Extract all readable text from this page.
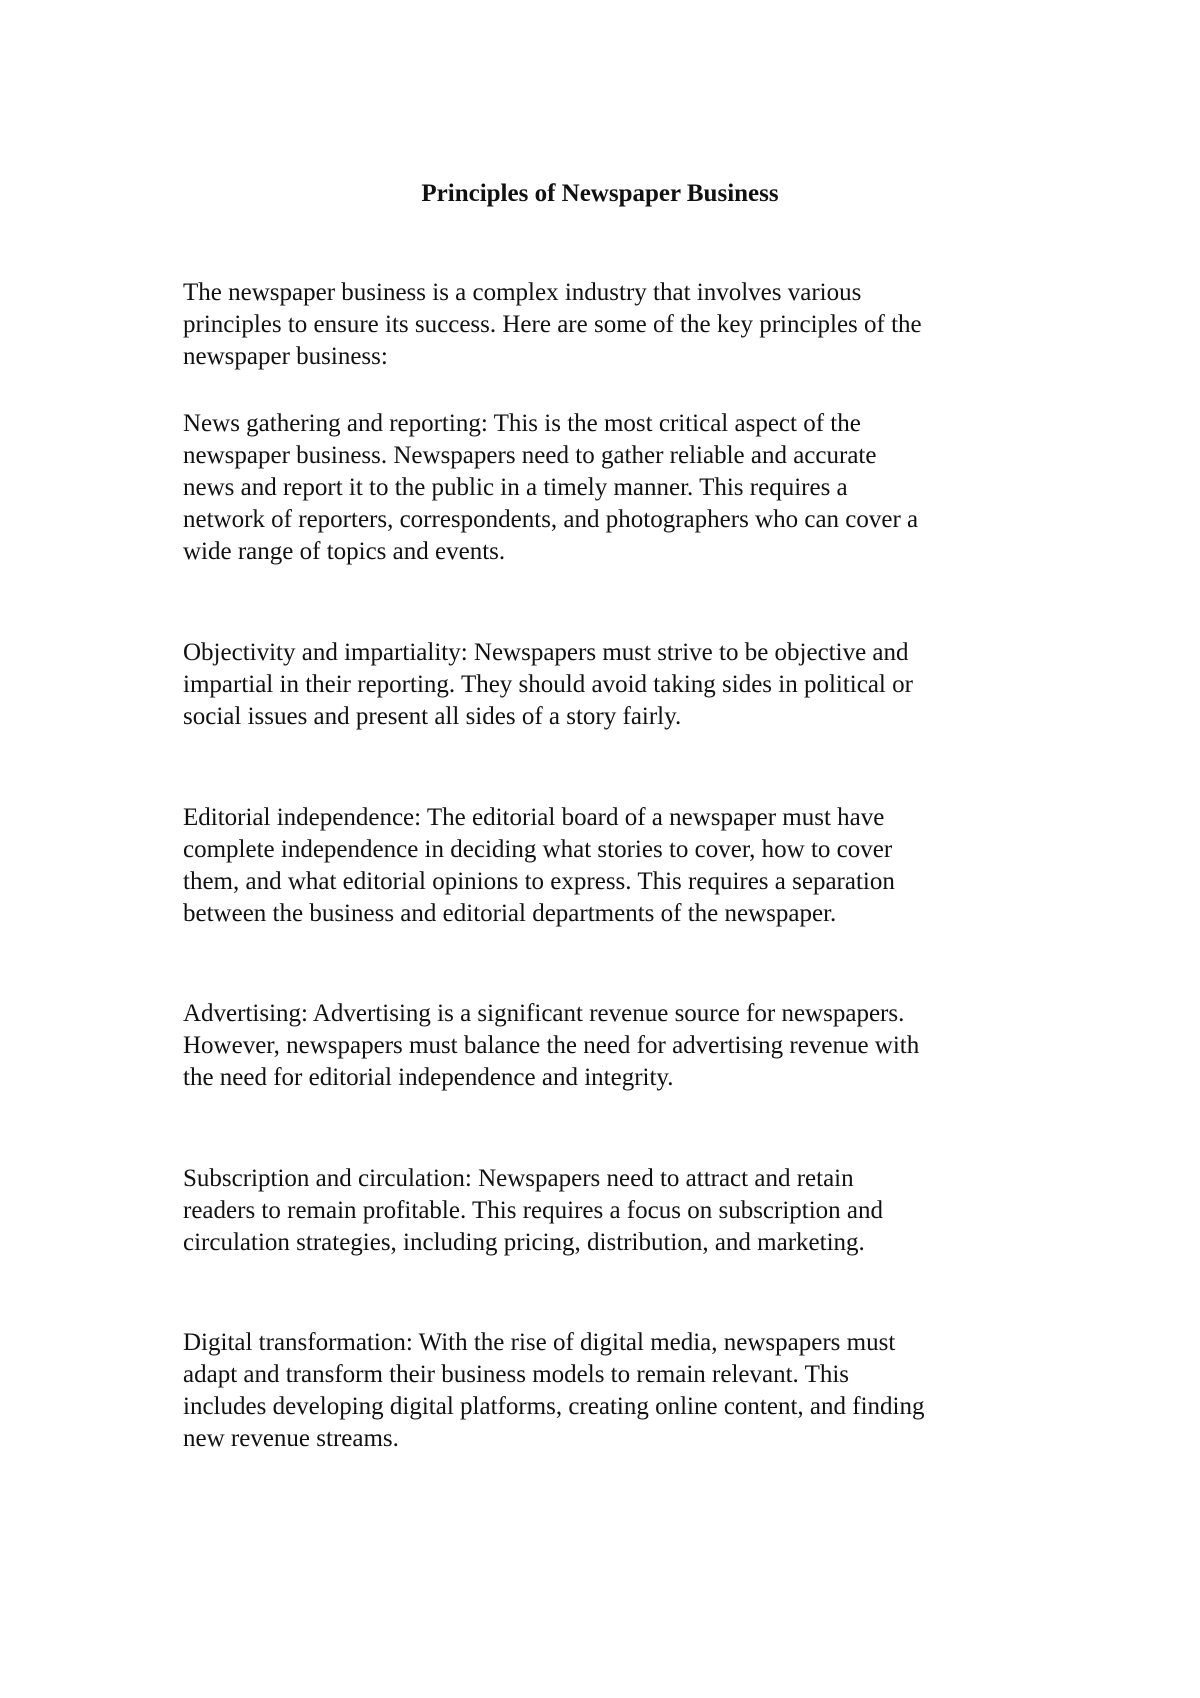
Principles of Newspaper Business

The newspaper business is a complex industry that involves various
principles to ensure its success. Here are some of the key principles of the
newspaper business:

News gathering and reporting: This is the most critical aspect of the
newspaper business. Newspapers need to gather reliable and accurate
news and report it to the public in a timely manner. This requires a
network of reporters, correspondents, and photographers who can cover a
wide range of topics and events.

Objectivity and impartiality: Newspapers must strive to be objective and
impartial in their reporting. They should avoid taking sides in political or
social issues and present all sides of a story fairly.

Editorial independence: The editorial board of a newspaper must have
complete independence in deciding what stories to cover, how to cover
them, and what editorial opinions to express. This requires a separation
between the business and editorial departments of the newspaper.

Advertising: Advertising is a significant revenue source for newspapers.
However, newspapers must balance the need for advertising revenue with
the need for editorial independence and integrity.

Subscription and circulation: Newspapers need to attract and retain
readers to remain profitable. This requires a focus on subscription and
circulation strategies, including pricing, distribution, and marketing.

Digital transformation: With the rise of digital media, newspapers must
adapt and transform their business models to remain relevant. This
includes developing digital platforms, creating online content, and finding
new revenue streams.
